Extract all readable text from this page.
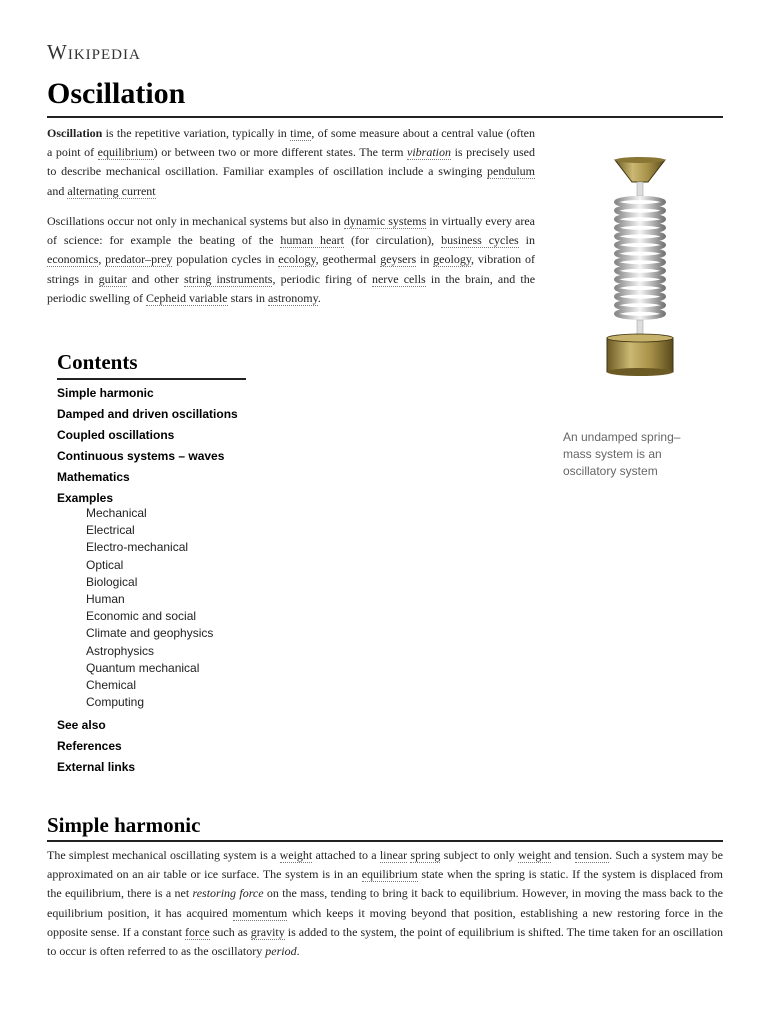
Wikipedia
Oscillation

Oscillation is the repetitive variation, typically in time, of some measure about a central value (often a point of equilibrium) or between two or more different states. The term vibration is precisely used to describe mechanical oscillation. Familiar examples of oscillation include a swinging pendulum and alternating current

Oscillations occur not only in mechanical systems but also in dynamic systems in virtually every area of science: for example the beating of the human heart (for circulation), business cycles in economics, predator–prey population cycles in ecology, geothermal geysers in geology, vibration of strings in guitar and other string instruments, periodic firing of nerve cells in the brain, and the periodic swelling of Cepheid variable stars in astronomy.

An undamped spring–mass system is an oscillatory system
Contents
Simple harmonic
Damped and driven oscillations
Coupled oscillations
Continuous systems – waves
Mathematics
Examples
Mechanical
Electrical
Electro-mechanical
Optical
Biological
Human
Economic and social
Climate and geophysics
Astrophysics
Quantum mechanical
Chemical
Computing
See also
References
External links
Simple harmonic

The simplest mechanical oscillating system is a weight attached to a linear spring subject to only weight and tension. Such a system may be approximated on an air table or ice surface. The system is in an equilibrium state when the spring is static. If the system is displaced from the equilibrium, there is a net restoring force on the mass, tending to bring it back to equilibrium. However, in moving the mass back to the equilibrium position, it has acquired momentum which keeps it moving beyond that position, establishing a new restoring force in the opposite sense. If a constant force such as gravity is added to the system, the point of equilibrium is shifted. The time taken for an oscillation to occur is often referred to as the oscillatory period.
